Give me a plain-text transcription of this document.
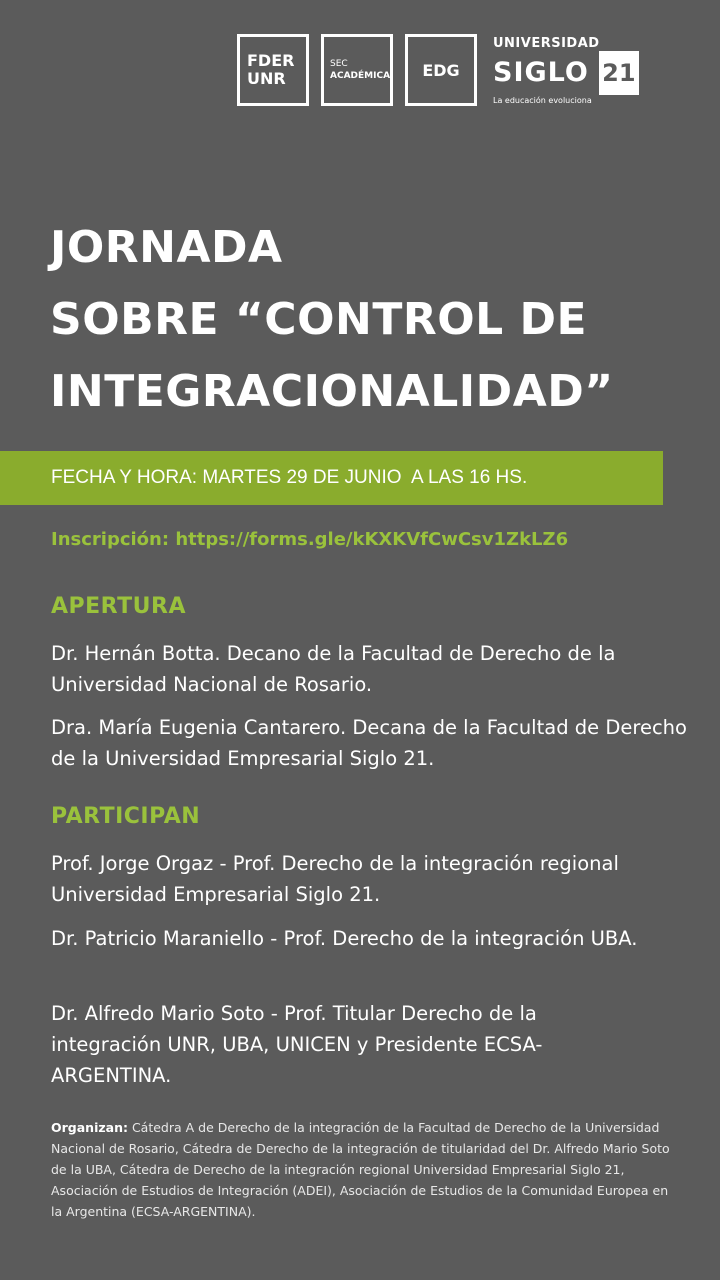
FDER
UNR
SEC
ACADÉMICA EDG
UNIVERSIDAD
SIGLO 21
La educación evoluciona
JORNADA
SOBRE “CONTROL DE
INTEGRACIONALIDAD”
FECHA Y HORA: MARTES 29 DE JUNIO  A LAS 16 HS.
Inscripción: https://forms.gle/kKXKVfCwCsv1ZkLZ6
APERTURA
Dr. Hernán Botta. Decano de la Facultad de Derecho de la Universidad Nacional de Rosario.
Dra. María Eugenia Cantarero. Decana de la Facultad de Derecho de la Universidad Empresarial Siglo 21.
PARTICIPAN
Prof. Jorge Orgaz - Prof. Derecho de la integración regional Universidad Empresarial Siglo 21.
Dr. Patricio Maraniello - Prof. Derecho de la integración UBA.
Dr. Alfredo Mario Soto - Prof. Titular Derecho de la integración UNR, UBA, UNICEN y Presidente ECSA-ARGENTINA.
Organizan: Cátedra A de Derecho de la integración de la Facultad de Derecho de la Universidad Nacional de Rosario, Cátedra de Derecho de la integración de titularidad del Dr. Alfredo Mario Soto de la UBA, Cátedra de Derecho de la integración regional Universidad Empresarial Siglo 21, Asociación de Estudios de Integración (ADEI), Asociación de Estudios de la Comunidad Europea en la Argentina (ECSA-ARGENTINA).
